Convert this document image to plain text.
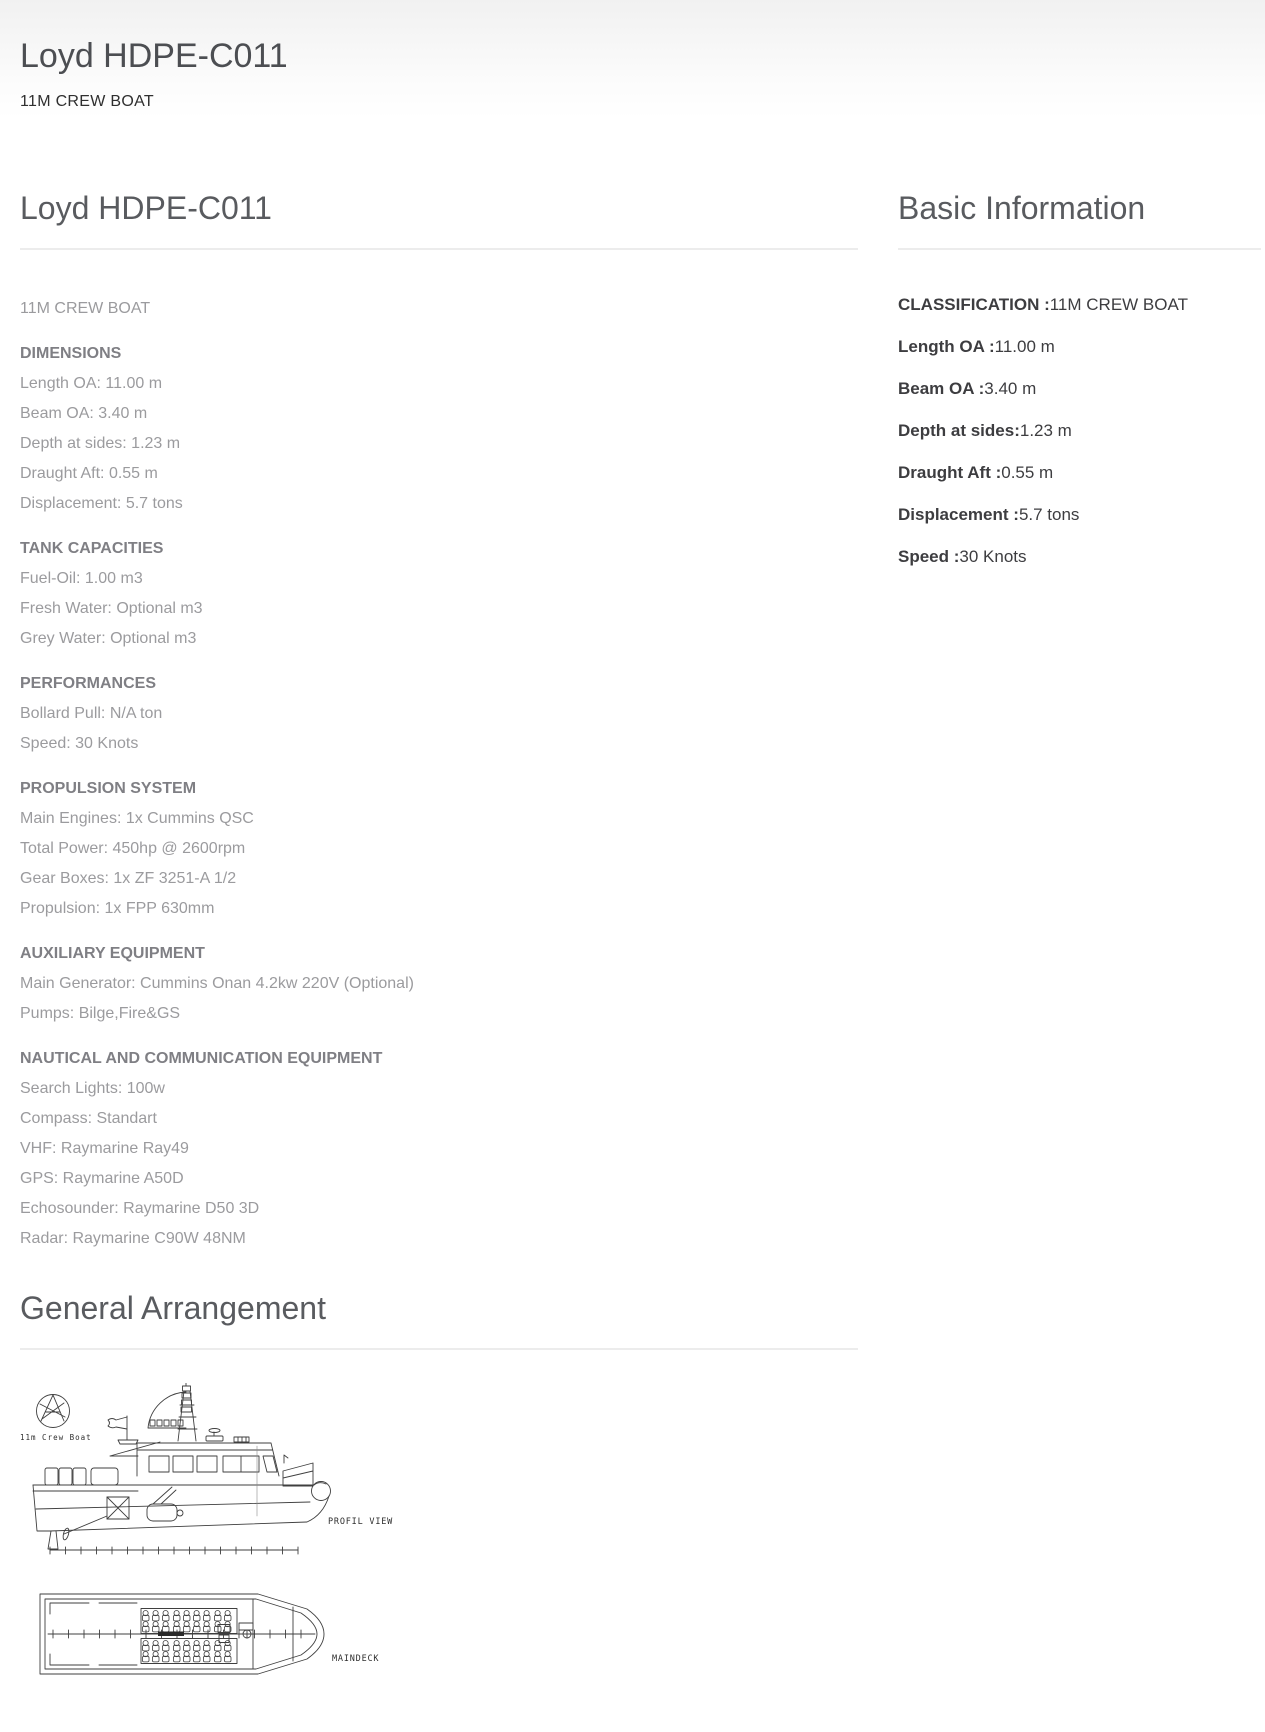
Loyd HDPE-C011
11M CREW BOAT
Loyd HDPE-C011

11M CREW BOAT

DIMENSIONS

Length OA: 11.00 m

Beam OA: 3.40 m

Depth at sides: 1.23 m

Draught Aft: 0.55 m

Displacement: 5.7 tons

TANK CAPACITIES

Fuel-Oil: 1.00 m3

Fresh Water: Optional m3

Grey Water: Optional m3

PERFORMANCES

Bollard Pull: N/A ton

Speed: 30 Knots

PROPULSION SYSTEM

Main Engines: 1x Cummins QSC

Total Power: 450hp @ 2600rpm

Gear Boxes: 1x ZF 3251-A 1/2

Propulsion: 1x FPP 630mm

AUXILIARY EQUIPMENT

Main Generator: Cummins Onan 4.2kw 220V (Optional)

Pumps: Bilge,Fire&GS

NAUTICAL AND COMMUNICATION EQUIPMENT

Search Lights: 100w

Compass: Standart

VHF: Raymarine Ray49

GPS: Raymarine A50D

Echosounder: Raymarine D50 3D

Radar: Raymarine C90W 48NM

Basic Information
CLASSIFICATION :11M CREW BOAT
Length OA :11.00 m
Beam OA :3.40 m
Depth at sides:1.23 m
Draught Aft :0.55 m
Displacement :5.7 tons
Speed :30 Knots
General Arrangement
11m Crew Boat
PROFIL VIEW
MAINDECK
